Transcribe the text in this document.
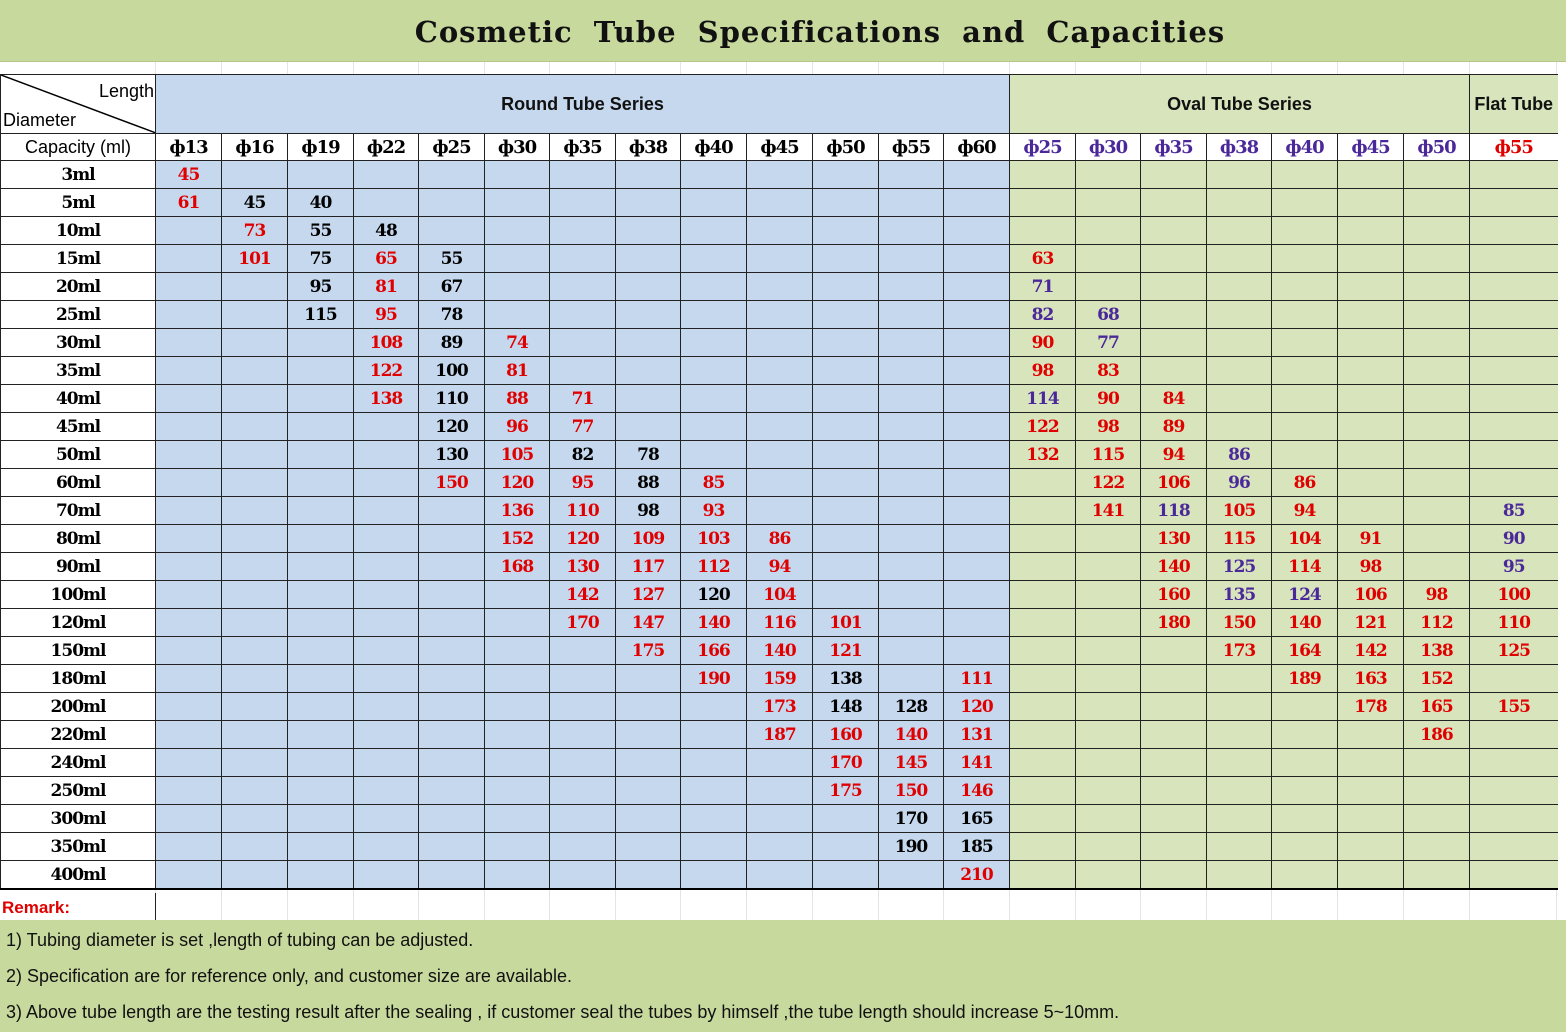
Cosmetic Tube Specifications and Capacities
Length
Diameter	Round Tube Series													Oval Tube Series							Flat Tube

Capacity (ml)	ф13	ф16	ф19	ф22	ф25	ф30	ф35	ф38	ф40	ф45	ф50	ф55	ф60	ф25	ф30	ф35	ф38	ф40	ф45	ф50	ф55
3ml	45																				
5ml	61	45	40																		
10ml		73	55	48																	
15ml		101	75	65	55									63							
20ml			95	81	67									71							
25ml			115	95	78									82	68						
30ml				108	89	74								90	77						
35ml				122	100	81								98	83						
40ml				138	110	88	71							114	90	84					
45ml					120	96	77							122	98	89					
50ml					130	105	82	78						132	115	94	86				
60ml					150	120	95	88	85						122	106	96	86			
70ml						136	110	98	93						141	118	105	94			85
80ml						152	120	109	103	86						130	115	104	91		90
90ml						168	130	117	112	94						140	125	114	98		95
100ml							142	127	120	104						160	135	124	106	98	100
120ml							170	147	140	116	101					180	150	140	121	112	110
150ml								175	166	140	121						173	164	142	138	125
180ml									190	159	138		111					189	163	152	
200ml										173	148	128	120						178	165	155
220ml										187	160	140	131							186	
240ml											170	145	141								
250ml											175	150	146								
300ml												170	165								
350ml												190	185								
400ml													210								
Remark:
1) Tubing diameter is set ,length of tubing can be adjusted.
2) Specification are for reference only, and customer size are available.
3) Above tube length are the testing result after the sealing , if customer seal the tubes by himself ,the tube length should increase 5~10mm.
